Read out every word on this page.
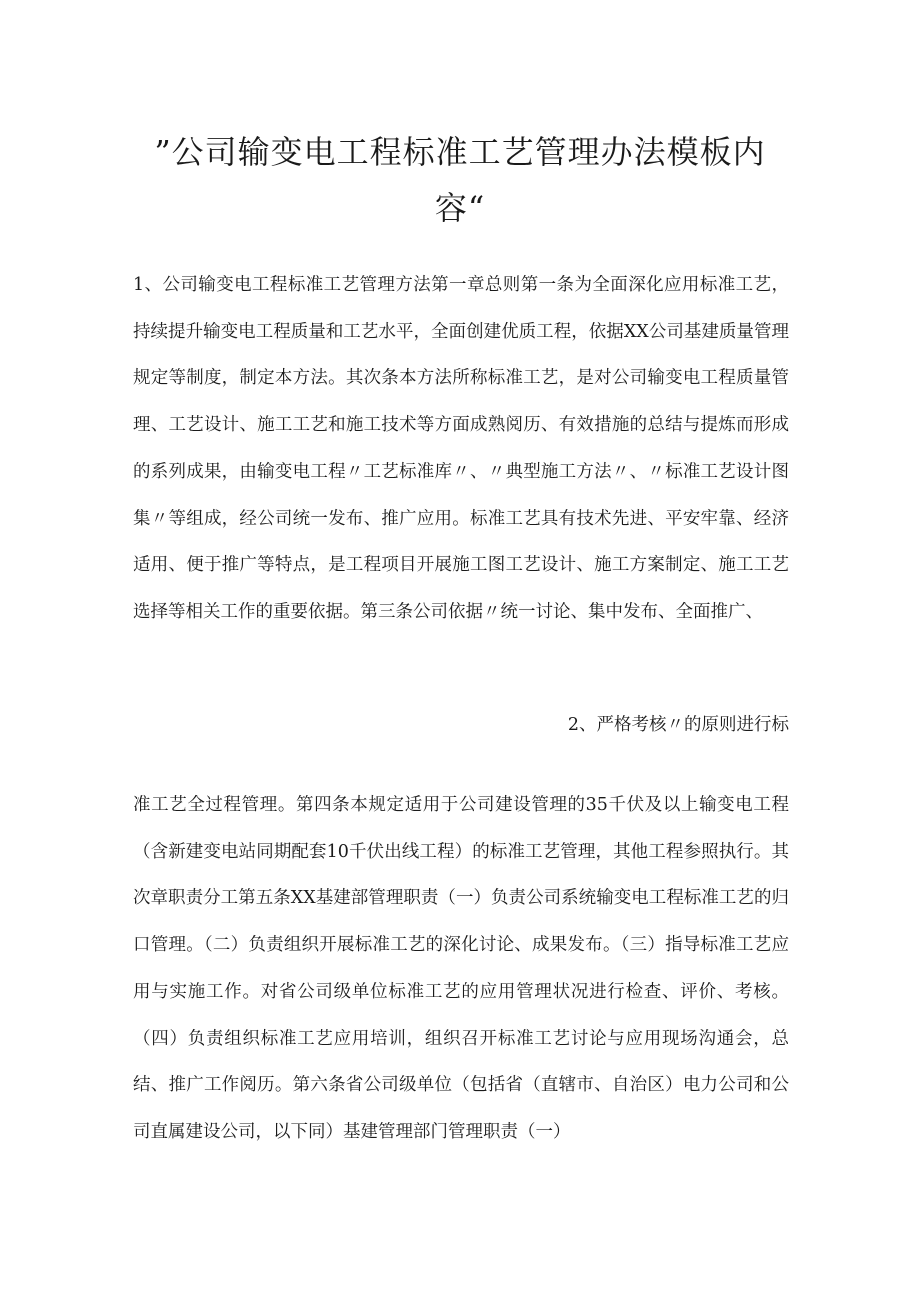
”公司输变电工程标准工艺管理办法模板内
容“

1、公司输变电工程标准工艺管理方法第一章总则第一条为全面深化应用标准工艺，持续提升输变电工程质量和工艺水平，全面创建优质工程，依据XX公司基建质量管理规定等制度，制定本方法。其次条本方法所称标准工艺，是对公司输变电工程质量管理、工艺设计、施工工艺和施工技术等方面成熟阅历、有效措施的总结与提炼而形成的系列成果，由输变电工程〃工艺标准库〃、〃典型施工方法〃、〃标准工艺设计图集〃等组成，经公司统一发布、推广应用。标准工艺具有技术先进、平安牢靠、经济适用、便于推广等特点，是工程项目开展施工图工艺设计、施工方案制定、施工工艺选择等相关工作的重要依据。第三条公司依据〃统一讨论、集中发布、全面推广、

2、严格考核〃的原则进行标

准工艺全过程管理。第四条本规定适用于公司建设管理的35千伏及以上输变电工程（含新建变电站同期配套10千伏出线工程）的标准工艺管理，其他工程参照执行。其次章职责分工第五条XX基建部管理职责（一）负责公司系统输变电工程标准工艺的归口管理。（二）负责组织开展标准工艺的深化讨论、成果发布。（三）指导标准工艺应用与实施工作。对省公司级单位标准工艺的应用管理状况进行检查、评价、考核。（四）负责组织标准工艺应用培训，组织召开标准工艺讨论与应用现场沟通会，总结、推广工作阅历。第六条省公司级单位（包括省（直辖市、自治区）电力公司和公司直属建设公司，以下同）基建管理部门管理职责（一）
